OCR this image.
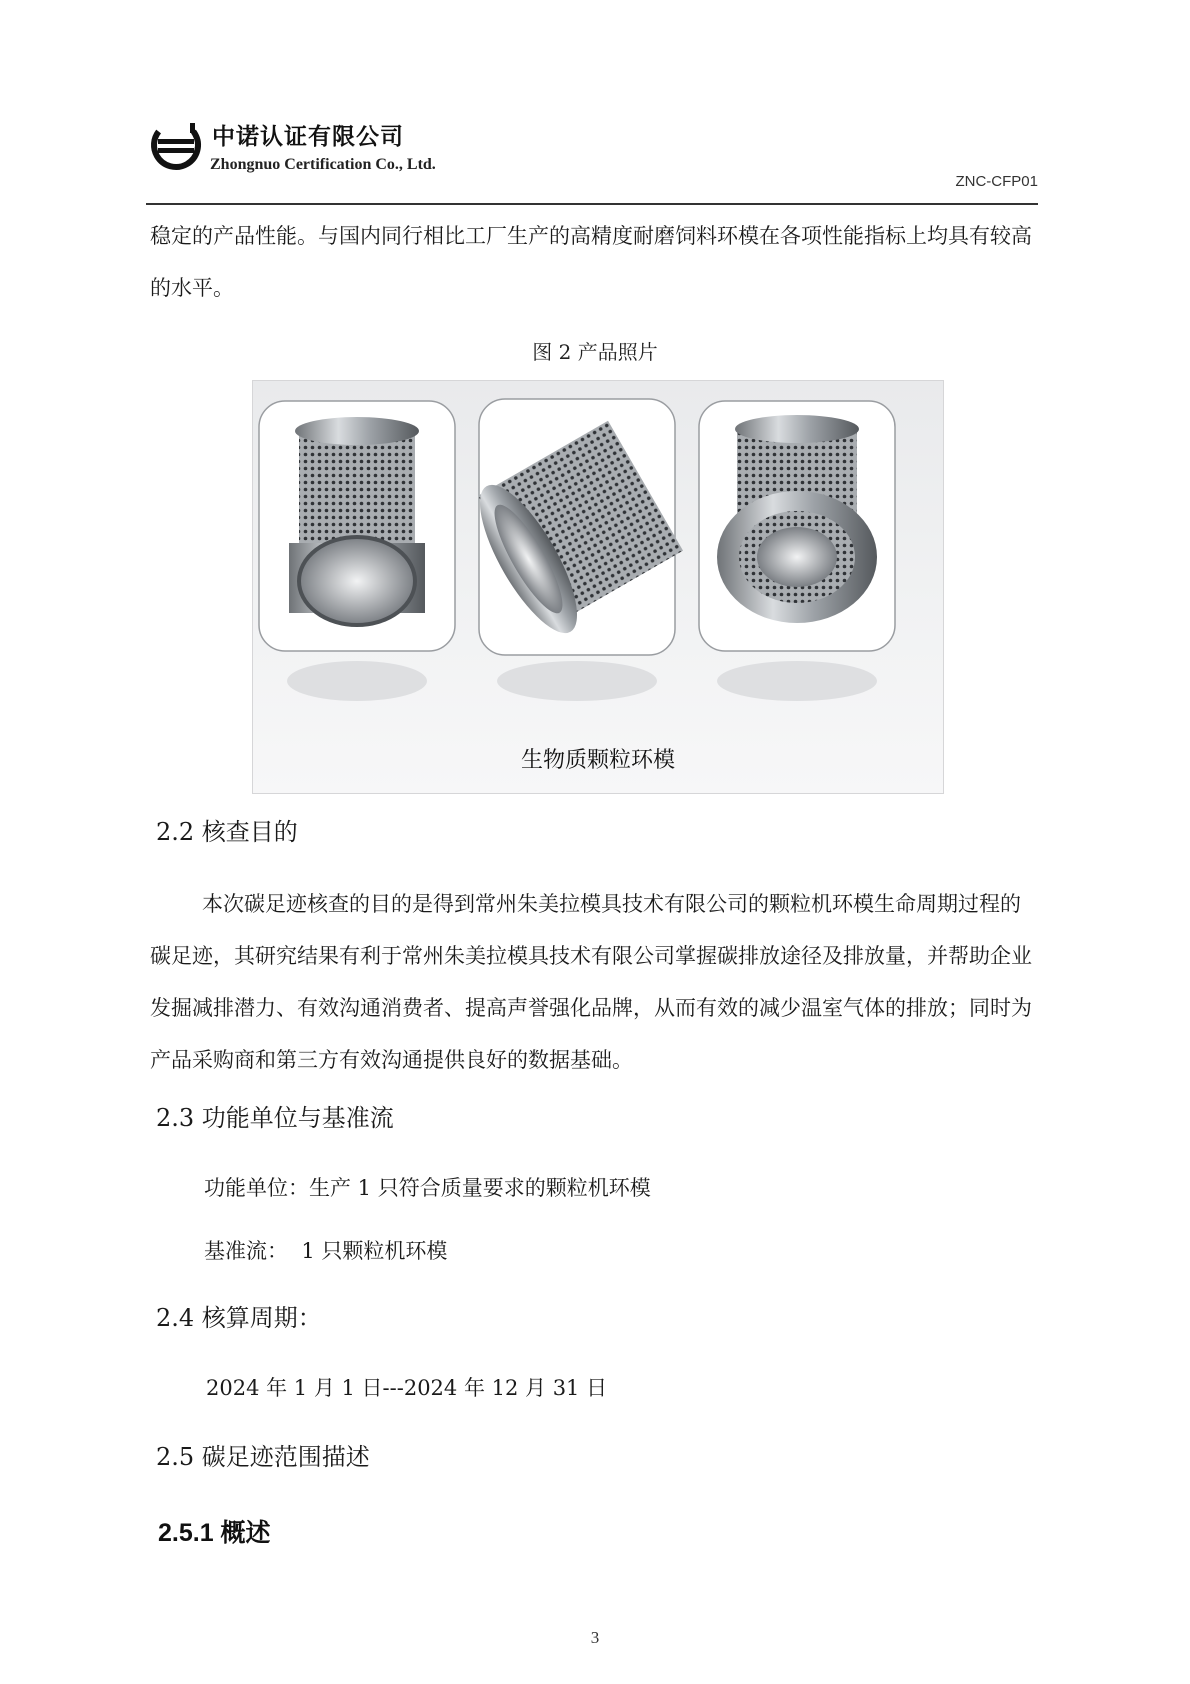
中诺认证有限公司
Zhongnuo Certification Co., Ltd.
ZNC-CFP01

稳定的产品性能。与国内同行相比工厂生产的高精度耐磨饲料环模在各项性能指标上均具有较高的水平。

图 2 产品照片
生物质颗粒环模
2.2 核查目的

本次碳足迹核查的目的是得到常州朱美拉模具技术有限公司的颗粒机环模生命周期过程的碳足迹，其研究结果有利于常州朱美拉模具技术有限公司掌握碳排放途径及排放量，并帮助企业发掘减排潜力、有效沟通消费者、提高声誉强化品牌，从而有效的减少温室气体的排放；同时为产品采购商和第三方有效沟通提供良好的数据基础。

2.3 功能单位与基准流
功能单位：生产 1 只符合质量要求的颗粒机环模
基准流：  1 只颗粒机环模
2.4 核算周期：
2024 年 1 月 1 日---2024 年 12 月 31 日
2.5 碳足迹范围描述
2.5.1 概述
3
